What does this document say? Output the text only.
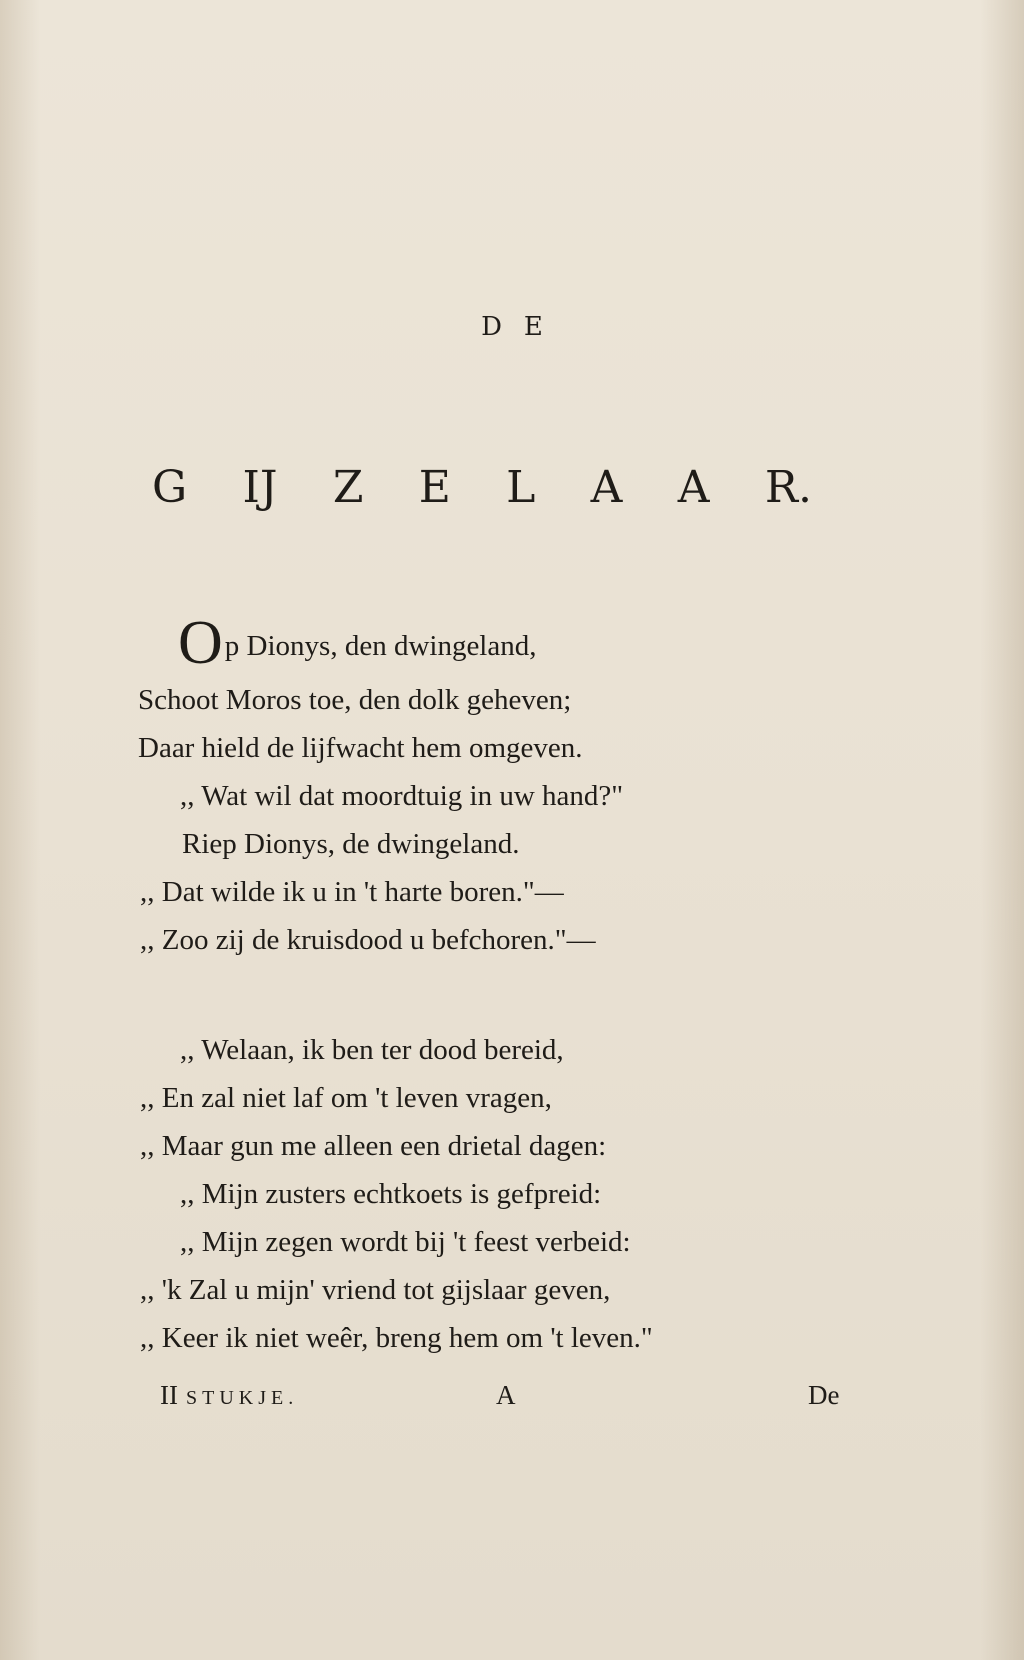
DE
G IJ Z E L A A R.
Op Dionys, den dwingeland,
Schoot Moros toe, den dolk geheven;
Daar hield de lijfwacht hem omgeven.
,, Wat wil dat moordtuig in uw hand?"
Riep Dionys, de dwingeland.
,, Dat wilde ik u in 't harte boren."—
,, Zoo zij de kruisdood u befchoren."—
,, Welaan, ik ben ter dood bereid,
,, En zal niet laf om 't leven vragen,
,, Maar gun me alleen een drietal dagen:
,, Mijn zusters echtkoets is gefpreid:
,, Mijn zegen wordt bij 't feest verbeid:
,, 'k Zal u mijn' vriend tot gijslaar geven,
,, Keer ik niet weêr, breng hem om 't leven."
II STUKJE.	A	De
